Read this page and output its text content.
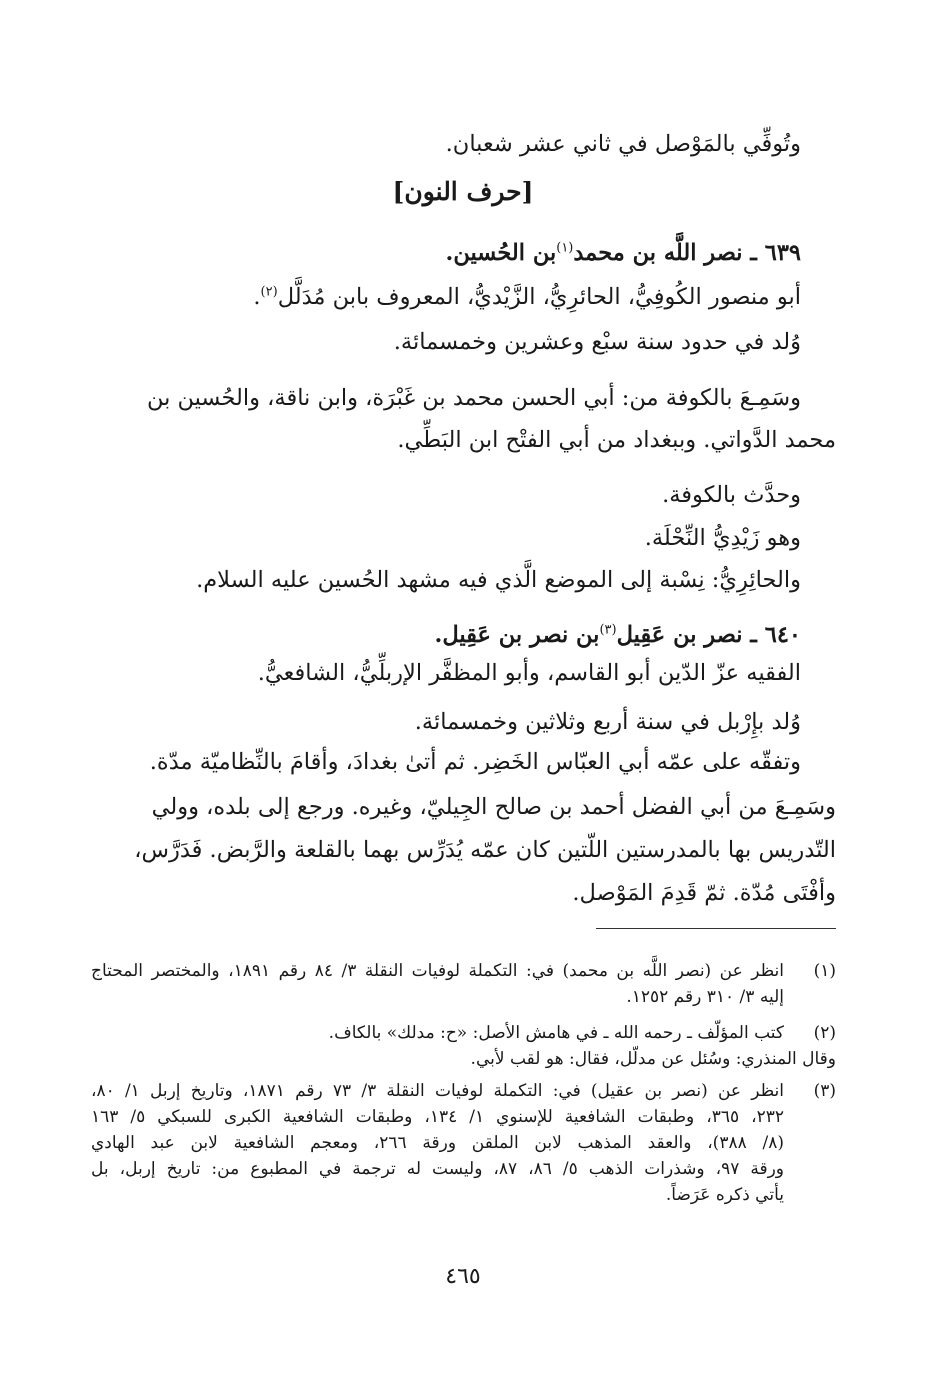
وتُوفِّي بالمَوْصل في ثاني عشر شعبان.
[حرف النون]
٦٣٩ ـ نصر اللَّه بن محمد$^{(١)}$بن الحُسين.
أبو منصور الكُوفِيُّ، الحائرِيُّ، الزَّيْديُّ، المعروف بابن مُدَلَّل$^{(٢)}$.
وُلد في حدود سنة سبْع وعشرين وخمسمائة.
وسَمِـعَ بالكوفة من: أبي الحسن محمد بن غَبْرَة، وابن ناقة، والحُسين بن
محمد الدَّواتي. وببغداد من أبي الفتْح ابن البَطِّي.
وحدَّث بالكوفة.
وهو زَيْدِيُّ النِّحْلَة.
والحائِرِيُّ: نِسْبة إلى الموضع الَّذي فيه مشهد الحُسين عليه السلام.
٦٤٠ ـ نصر بن عَقِيل$^{(٣)}$بن نصر بن عَقِيل.
الفقيه عزّ الدّين أبو القاسم، وأبو المظفَّر الإربلِّيُّ، الشافعيُّ.
وُلد بإِرْبل في سنة أربع وثلاثين وخمسمائة.
وتفقّه على عمّه أبي العبّاس الخَضِر. ثم أتىٰ بغدادَ، وأقامَ بالنِّظاميّة مدّة.
وسَمِـعَ من أبي الفضل أحمد بن صالح الجِيليّ، وغيره. ورجع إلى بلده، وولي
التّدريس بها بالمدرستين اللّتين كان عمّه يُدَرِّس بهما بالقلعة والرَّبض. فَدَرَّس،
وأفْتَى مُدّة. ثمّ قَدِمَ المَوْصل.
(١)
انظر عن (نصر اللَّه بن محمد) في: التكملة لوفيات النقلة ٣/ ٨٤ رقم ١٨٩١، والمختصر المحتاج
إليه ٣/ ٣١٠ رقم ١٢٥٢.
(٢)
كتب المؤلّف ـ رحمه الله ـ في هامش الأصل: «ح: مدلك» بالكاف.
وقال المنذري: وسُئل عن مدلّل، فقال: هو لقب لأبي.
(٣)
انظر عن (نصر بن عقيل) في: التكملة لوفيات النقلة ٣/ ٧٣ رقم ١٨٧١، وتاريخ إربل ١/ ٨٠،
٢٣٢، ٣٦٥، وطبقات الشافعية للإسنوي ١/ ١٣٤، وطبقات الشافعية الكبرى للسبكي ٥/ ١٦٣
(٨/ ٣٨٨)، والعقد المذهب لابن الملقن ورقة ٢٦٦، ومعجم الشافعية لابن عبد الهادي
ورقة ٩٧، وشذرات الذهب ٥/ ٨٦، ٨٧، وليست له ترجمة في المطبوع من: تاريخ إربل، بل
يأتي ذكره عَرَضاً.
٤٦٥
